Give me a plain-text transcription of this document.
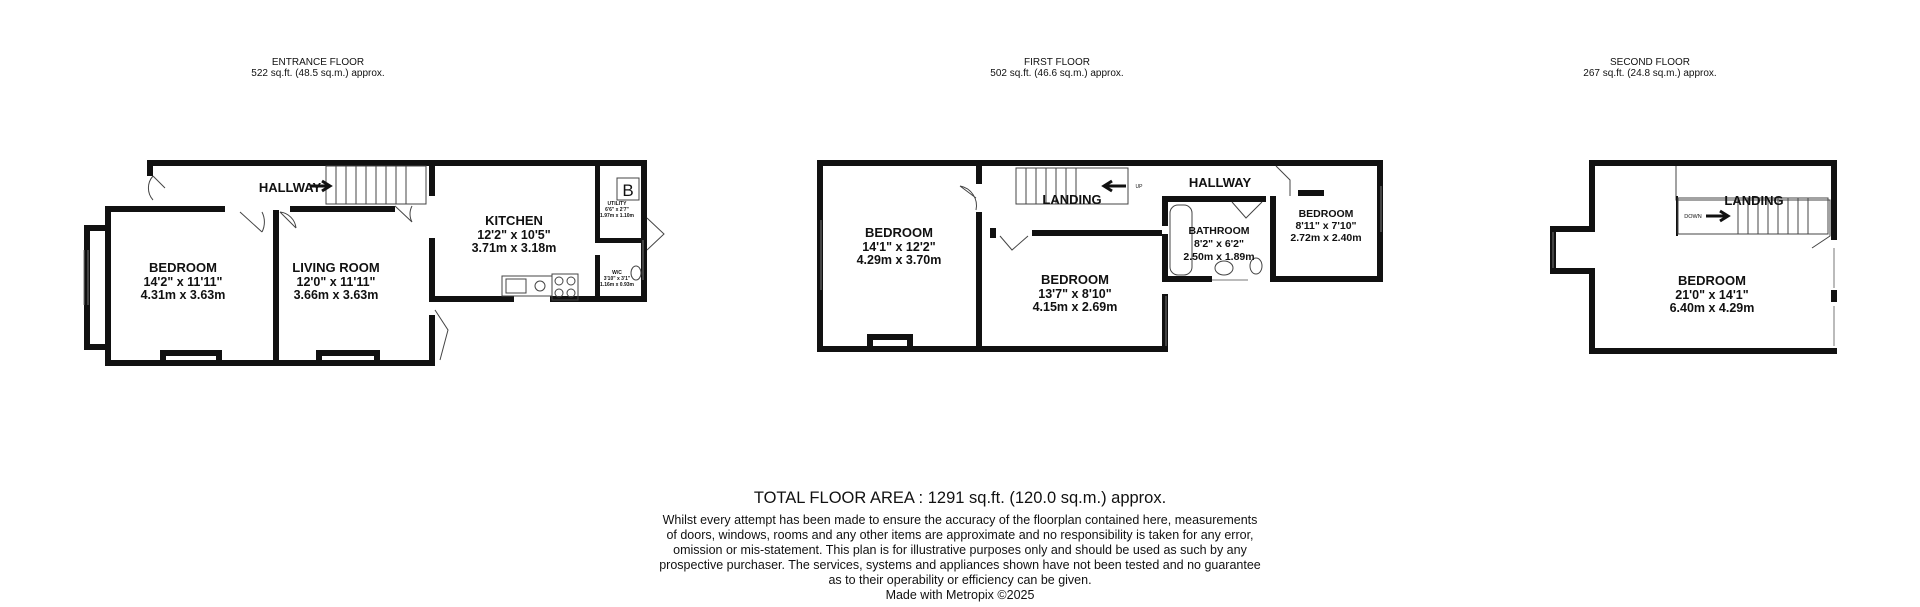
ENTRANCE FLOOR
522 sq.ft. (48.5 sq.m.) approx.
FIRST FLOOR
502 sq.ft. (46.6 sq.m.) approx.
SECOND FLOOR
267 sq.ft. (24.8 sq.m.) approx.
B
HALLWAY
BEDROOM
14'2" x 11'11"
4.31m x 3.63m
LIVING ROOM
12'0" x 11'11"
3.66m x 3.63m
KITCHEN
12'2" x 10'5"
3.71m x 3.18m
UTILITY
6'6" x 2'7"
1.97m x 1.10m
W/C
3'10" x 3'1"
1.16m x 0.93m
UP
BEDROOM
14'1" x 12'2"
4.29m x 3.70m
LANDING
HALLWAY
BEDROOM
13'7" x 8'10"
4.15m x 2.69m
BATHROOM
8'2" x 6'2"
2.50m x 1.89m
BEDROOM
8'11" x 7'10"
2.72m x 2.40m
DOWN
LANDING
BEDROOM
21'0" x 14'1"
6.40m x 4.29m
TOTAL FLOOR AREA : 1291 sq.ft. (120.0 sq.m.) approx.
Whilst every attempt has been made to ensure the accuracy of the floorplan contained here, measurements
of doors, windows, rooms and any other items are approximate and no responsibility is taken for any error,
omission or mis-statement. This plan is for illustrative purposes only and should be used as such by any
prospective purchaser. The services, systems and appliances shown have not been tested and no guarantee
as to their operability or efficiency can be given.
Made with Metropix ©2025
